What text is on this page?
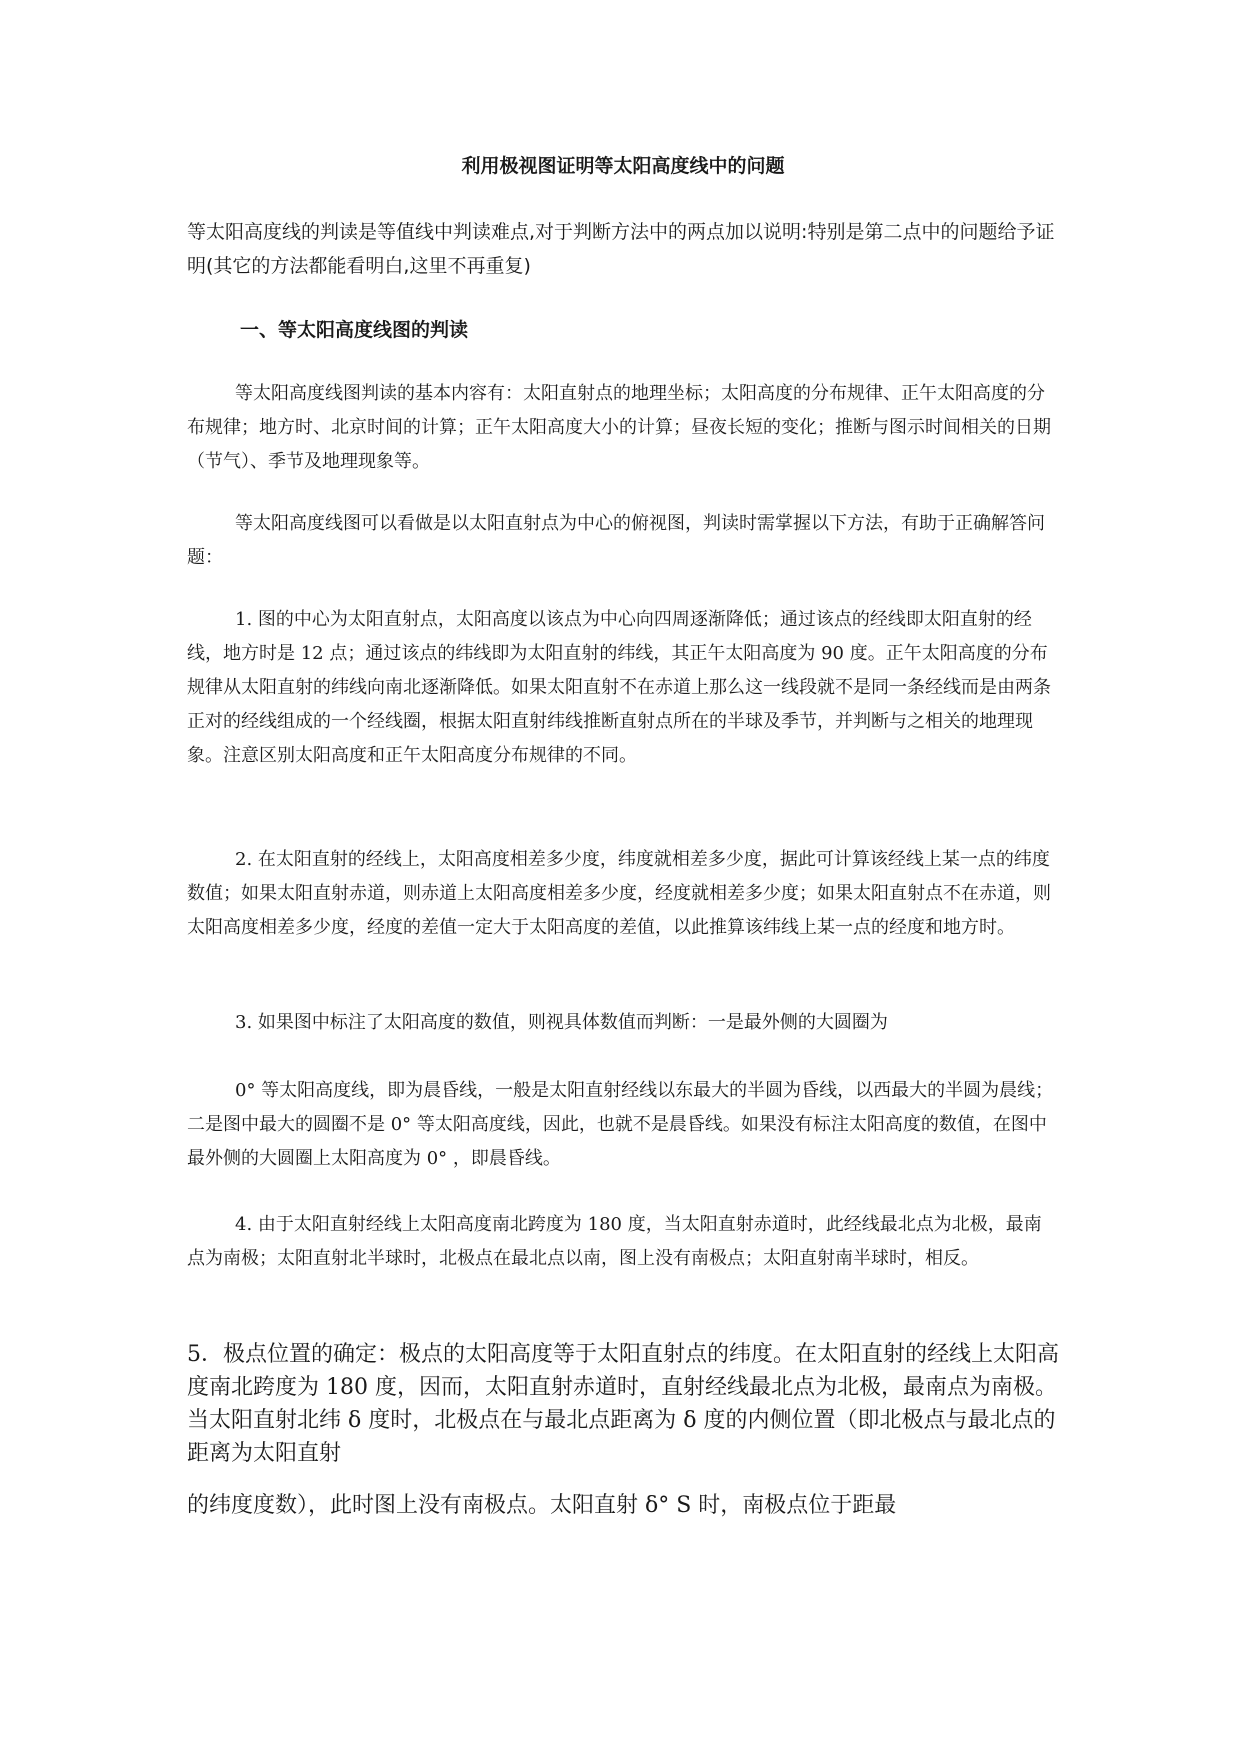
利用极视图证明等太阳高度线中的问题

等太阳高度线的判读是等值线中判读难点,对于判断方法中的两点加以说明:特别是第二点中的问题给予证明(其它的方法都能看明白,这里不再重复)

一、等太阳高度线图的判读

等太阳高度线图判读的基本内容有：太阳直射点的地理坐标；太阳高度的分布规律、正午太阳高度的分布规律；地方时、北京时间的计算；正午太阳高度大小的计算；昼夜长短的变化；推断与图示时间相关的日期（节气）、季节及地理现象等。

等太阳高度线图可以看做是以太阳直射点为中心的俯视图，判读时需掌握以下方法，有助于正确解答问题：

1. 图的中心为太阳直射点，太阳高度以该点为中心向四周逐渐降低；通过该点的经线即太阳直射的经线，地方时是 12 点；通过该点的纬线即为太阳直射的纬线，其正午太阳高度为 90 度。正午太阳高度的分布规律从太阳直射的纬线向南北逐渐降低。如果太阳直射不在赤道上那么这一线段就不是同一条经线而是由两条正对的经线组成的一个经线圈，根据太阳直射纬线推断直射点所在的半球及季节，并判断与之相关的地理现象。注意区别太阳高度和正午太阳高度分布规律的不同。

2. 在太阳直射的经线上，太阳高度相差多少度，纬度就相差多少度，据此可计算该经线上某一点的纬度数值；如果太阳直射赤道，则赤道上太阳高度相差多少度，经度就相差多少度；如果太阳直射点不在赤道，则太阳高度相差多少度，经度的差值一定大于太阳高度的差值，以此推算该纬线上某一点的经度和地方时。

3. 如果图中标注了太阳高度的数值，则视具体数值而判断：一是最外侧的大圆圈为

0° 等太阳高度线，即为晨昏线，一般是太阳直射经线以东最大的半圆为昏线，以西最大的半圆为晨线；二是图中最大的圆圈不是 0° 等太阳高度线，因此，也就不是晨昏线。如果没有标注太阳高度的数值，在图中最外侧的大圆圈上太阳高度为 0° ，即晨昏线。

4. 由于太阳直射经线上太阳高度南北跨度为 180 度，当太阳直射赤道时，此经线最北点为北极，最南点为南极；太阳直射北半球时，北极点在最北点以南，图上没有南极点；太阳直射南半球时，相反。

5．极点位置的确定：极点的太阳高度等于太阳直射点的纬度。在太阳直射的经线上太阳高度南北跨度为 180 度，因而，太阳直射赤道时，直射经线最北点为北极，最南点为南极。当太阳直射北纬 δ 度时，北极点在与最北点距离为 δ 度的内侧位置（即北极点与最北点的距离为太阳直射

的纬度度数），此时图上没有南极点。太阳直射 δ° S 时，南极点位于距最
